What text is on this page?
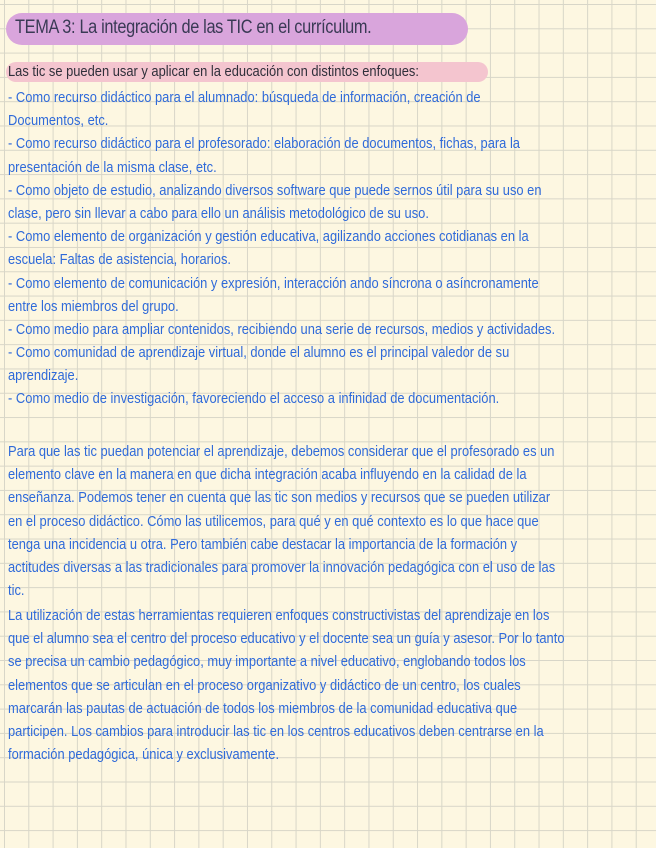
TEMA 3: La integración de las TIC en el currículum.
Las tic se pueden usar y aplicar en la educación con distintos enfoques:
- Como recurso didáctico para el alumnado: búsqueda de información, creación de
Documentos, etc.
- Como recurso didáctico para el profesorado: elaboración de documentos, fichas, para la
presentación de la misma clase, etc.
- Como objeto de estudio, analizando diversos software que puede sernos útil para su uso en
clase, pero sin llevar a cabo para ello un análisis metodológico de su uso.
- Como elemento de organización y gestión educativa, agilizando acciones cotidianas en la
escuela: Faltas de asistencia, horarios.
- Como elemento de comunicación y expresión, interacción ando síncrona o asíncronamente
entre los miembros del grupo.
- Como medio para ampliar contenidos, recibiendo una serie de recursos, medios y actividades.
- Como comunidad de aprendizaje virtual, donde el alumno es el principal valedor de su
aprendizaje.
- Como medio de investigación, favoreciendo el acceso a infinidad de documentación.
Para que las tic puedan potenciar el aprendizaje, debemos considerar que el profesorado es un
elemento clave en la manera en que dicha integración acaba influyendo en la calidad de la
enseñanza. Podemos tener en cuenta que las tic son medios y recursos que se pueden utilizar
en el proceso didáctico. Cómo las utilicemos, para qué y en qué contexto es lo que hace que
tenga una incidencia u otra. Pero también cabe destacar la importancia de la formación y
actitudes diversas a las tradicionales para promover la innovación pedagógica con el uso de las
tic.
La utilización de estas herramientas requieren enfoques constructivistas del aprendizaje en los
que el alumno sea el centro del proceso educativo y el docente sea un guía y asesor. Por lo tanto
se precisa un cambio pedagógico, muy importante a nivel educativo, englobando todos los
elementos que se articulan en el proceso organizativo y didáctico de un centro, los cuales
marcarán las pautas de actuación de todos los miembros de la comunidad educativa que
participen. Los cambios para introducir las tic en los centros educativos deben centrarse en la
formación pedagógica, única y exclusivamente.
